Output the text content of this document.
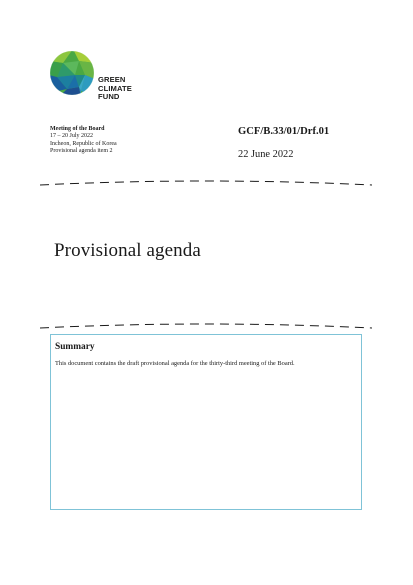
GREEN
CLIMATE
FUND
Meeting of the Board
17 – 20 July 2022
Incheon, Republic of Korea
Provisional agenda item 2
GCF/B.33/01/Drf.01
22 June 2022
Provisional agenda
Summary
This document contains the draft provisional agenda for the thirty-third meeting of the Board.
